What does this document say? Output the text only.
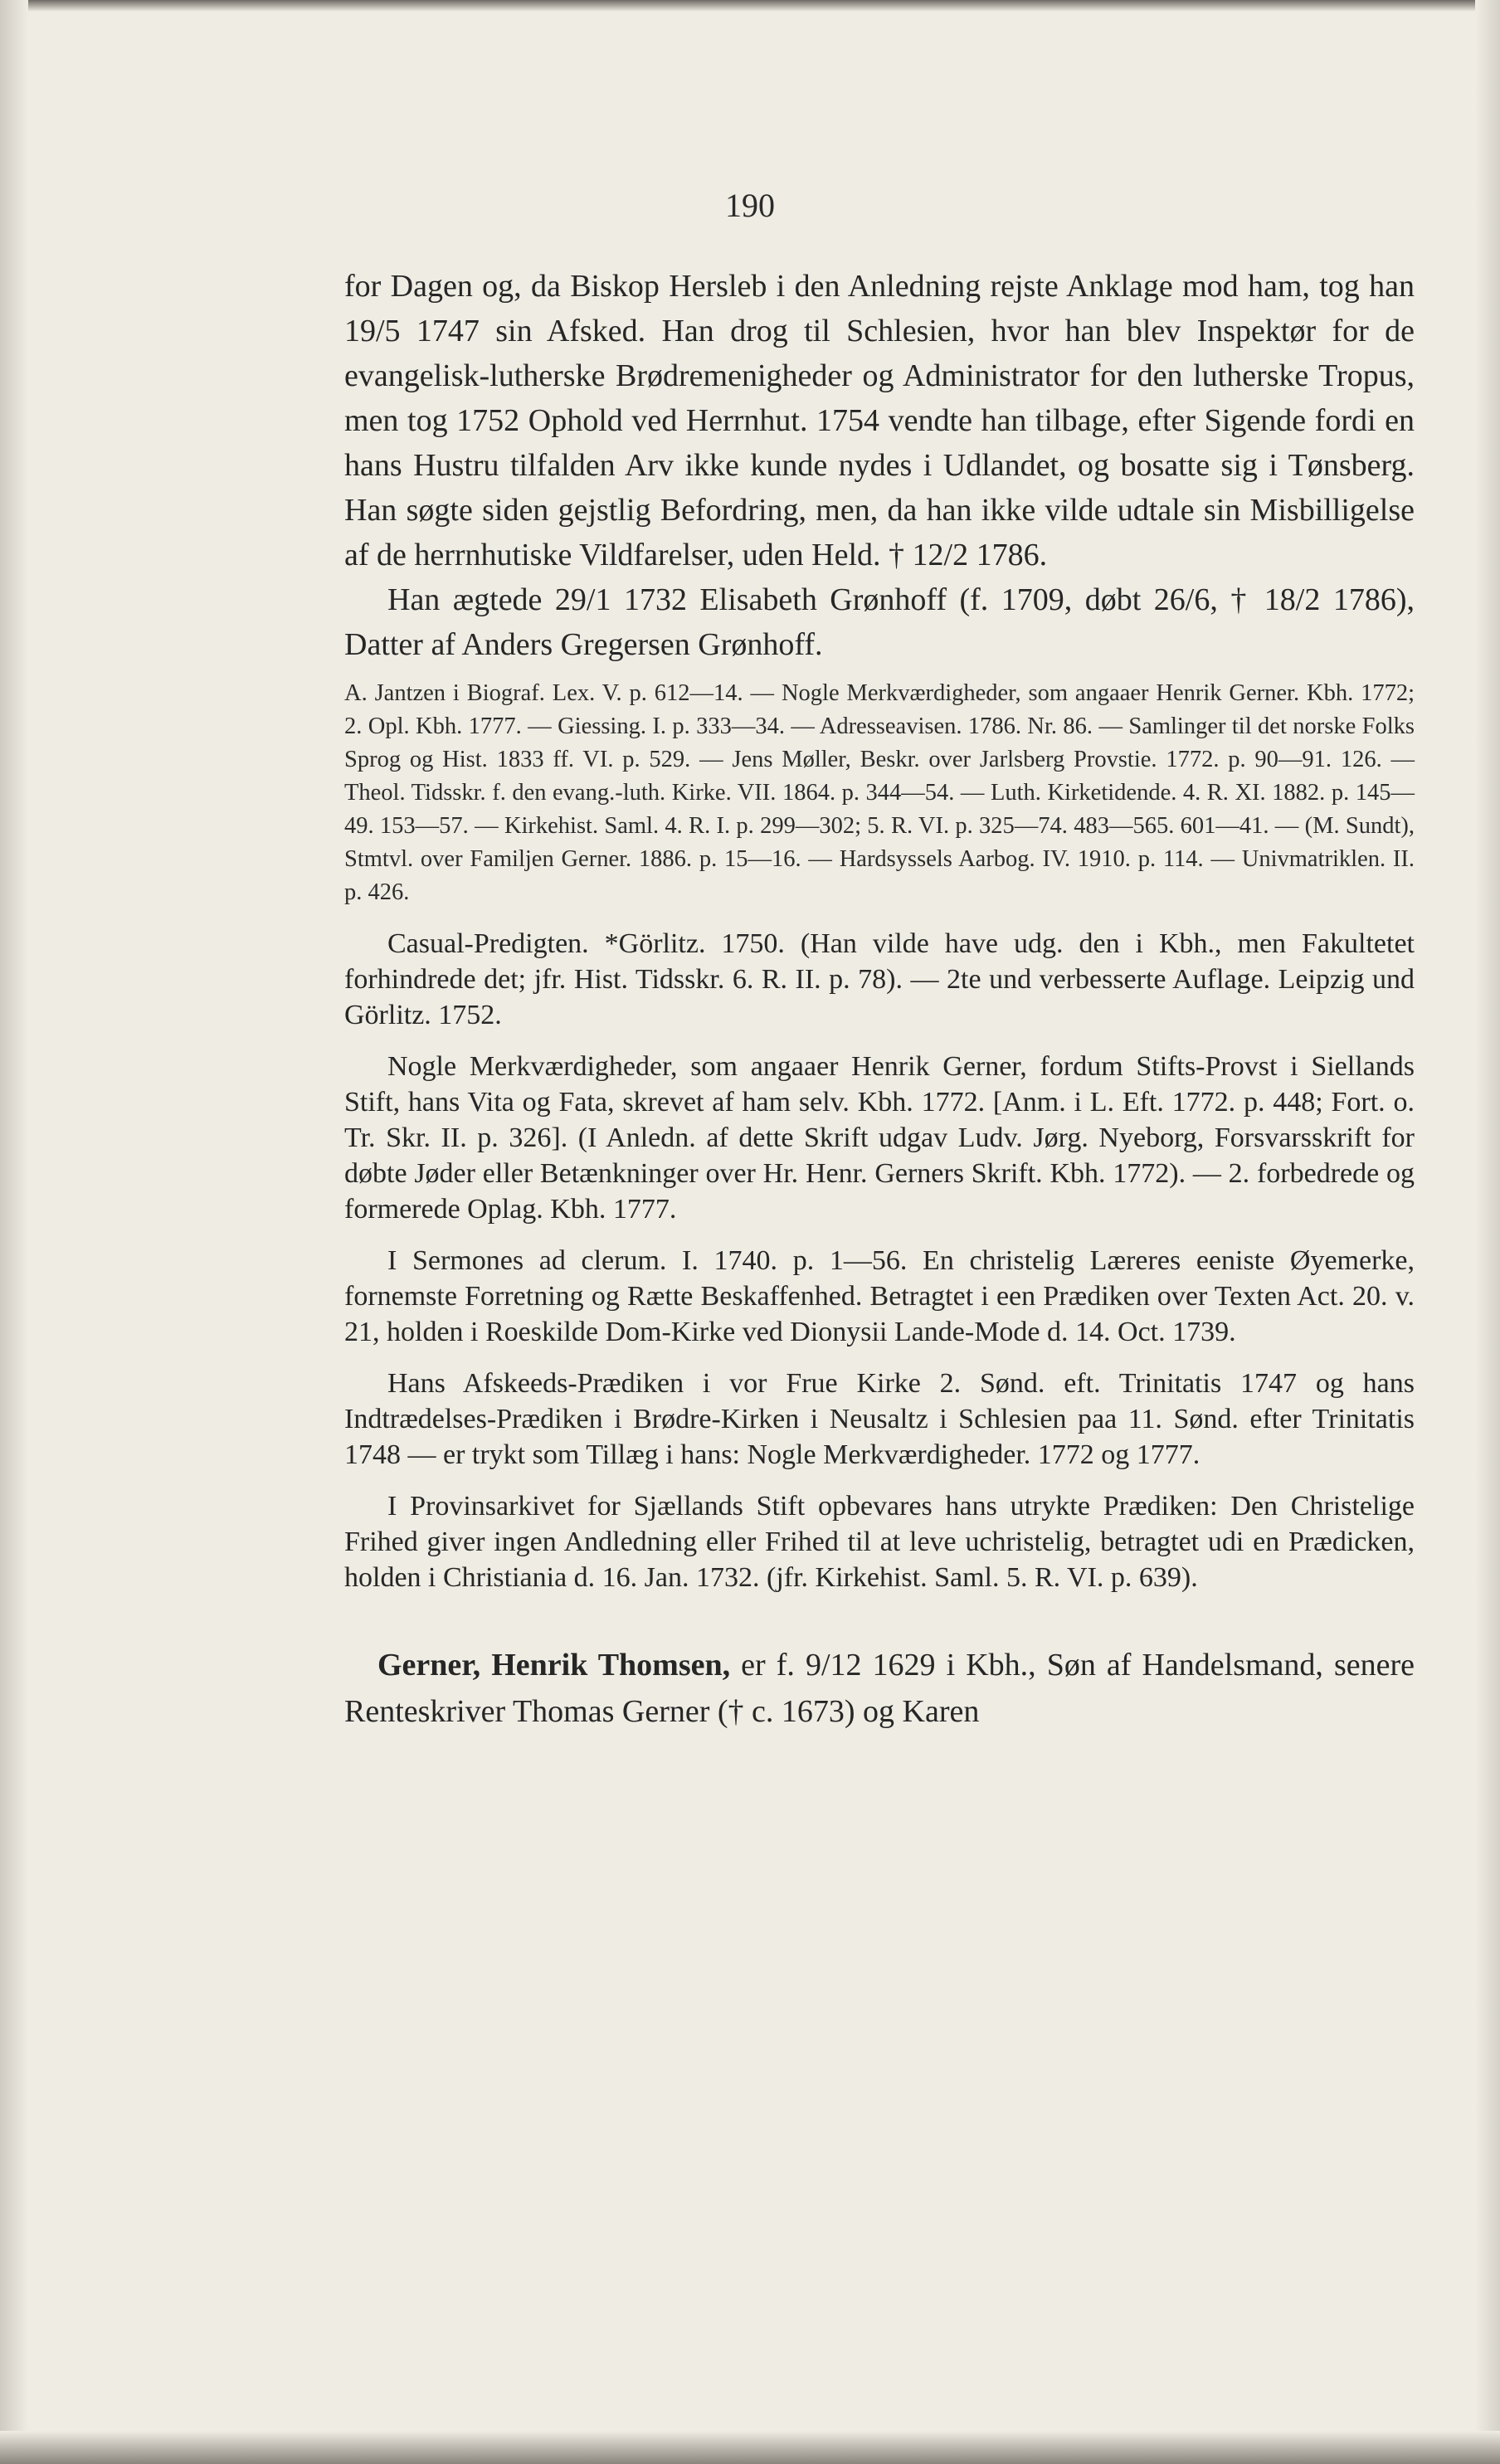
190

for Dagen og, da Biskop Hersleb i den Anledning rejste Anklage mod ham, tog han 19/5 1747 sin Afsked. Han drog til Schlesien, hvor han blev Inspektør for de evangelisk-lutherske Brødremenigheder og Administrator for den lutherske Tropus, men tog 1752 Ophold ved Herrnhut. 1754 vendte han tilbage, efter Sigende fordi en hans Hustru tilfalden Arv ikke kunde nydes i Udlandet, og bosatte sig i Tønsberg. Han søgte siden gejstlig Befordring, men, da han ikke vilde udtale sin Misbilligelse af de herrnhutiske Vildfarelser, uden Held. † 12/2 1786.

Han ægtede 29/1 1732 Elisabeth Grønhoff (f. 1709, døbt 26/6, † 18/2 1786), Datter af Anders Gregersen Grønhoff.

A. Jantzen i Biograf. Lex. V. p. 612—14. — Nogle Merkværdigheder, som angaaer Henrik Gerner. Kbh. 1772; 2. Opl. Kbh. 1777. — Giessing. I. p. 333—34. — Adresseavisen. 1786. Nr. 86. — Samlinger til det norske Folks Sprog og Hist. 1833 ff. VI. p. 529. — Jens Møller, Beskr. over Jarlsberg Provstie. 1772. p. 90—91. 126. — Theol. Tidsskr. f. den evang.-luth. Kirke. VII. 1864. p. 344—54. — Luth. Kirketidende. 4. R. XI. 1882. p. 145—49. 153—57. — Kirkehist. Saml. 4. R. I. p. 299—302; 5. R. VI. p. 325—74. 483—565. 601—41. — (M. Sundt), Stmtvl. over Familjen Gerner. 1886. p. 15—16. — Hardsyssels Aarbog. IV. 1910. p. 114. — Univmatriklen. II. p. 426.

Casual-Predigten. *Görlitz. 1750. (Han vilde have udg. den i Kbh., men Fakultetet forhindrede det; jfr. Hist. Tidsskr. 6. R. II. p. 78). — 2te und verbesserte Auflage. Leipzig und Görlitz. 1752.

Nogle Merkværdigheder, som angaaer Henrik Gerner, fordum Stifts-Provst i Siellands Stift, hans Vita og Fata, skrevet af ham selv. Kbh. 1772. [Anm. i L. Eft. 1772. p. 448; Fort. o. Tr. Skr. II. p. 326]. (I Anledn. af dette Skrift udgav Ludv. Jørg. Nyeborg, Forsvarsskrift for døbte Jøder eller Betænkninger over Hr. Henr. Gerners Skrift. Kbh. 1772). — 2. forbedrede og formerede Oplag. Kbh. 1777.

I Sermones ad clerum. I. 1740. p. 1—56. En christelig Læreres eeniste Øyemerke, fornemste Forretning og Rætte Beskaffenhed. Betragtet i een Prædiken over Texten Act. 20. v. 21, holden i Roeskilde Dom-Kirke ved Dionysii Lande-Mode d. 14. Oct. 1739.

Hans Afskeeds-Prædiken i vor Frue Kirke 2. Sønd. eft. Trinitatis 1747 og hans Indtrædelses-Prædiken i Brødre-Kirken i Neusaltz i Schlesien paa 11. Sønd. efter Trinitatis 1748 — er trykt som Tillæg i hans: Nogle Merkværdigheder. 1772 og 1777.

I Provinsarkivet for Sjællands Stift opbevares hans utrykte Prædiken: Den Christelige Frihed giver ingen Andledning eller Frihed til at leve uchristelig, betragtet udi en Prædicken, holden i Christiania d. 16. Jan. 1732. (jfr. Kirkehist. Saml. 5. R. VI. p. 639).

Gerner, Henrik Thomsen, er f. 9/12 1629 i Kbh., Søn af Handelsmand, senere Renteskriver Thomas Gerner († c. 1673) og Karen
